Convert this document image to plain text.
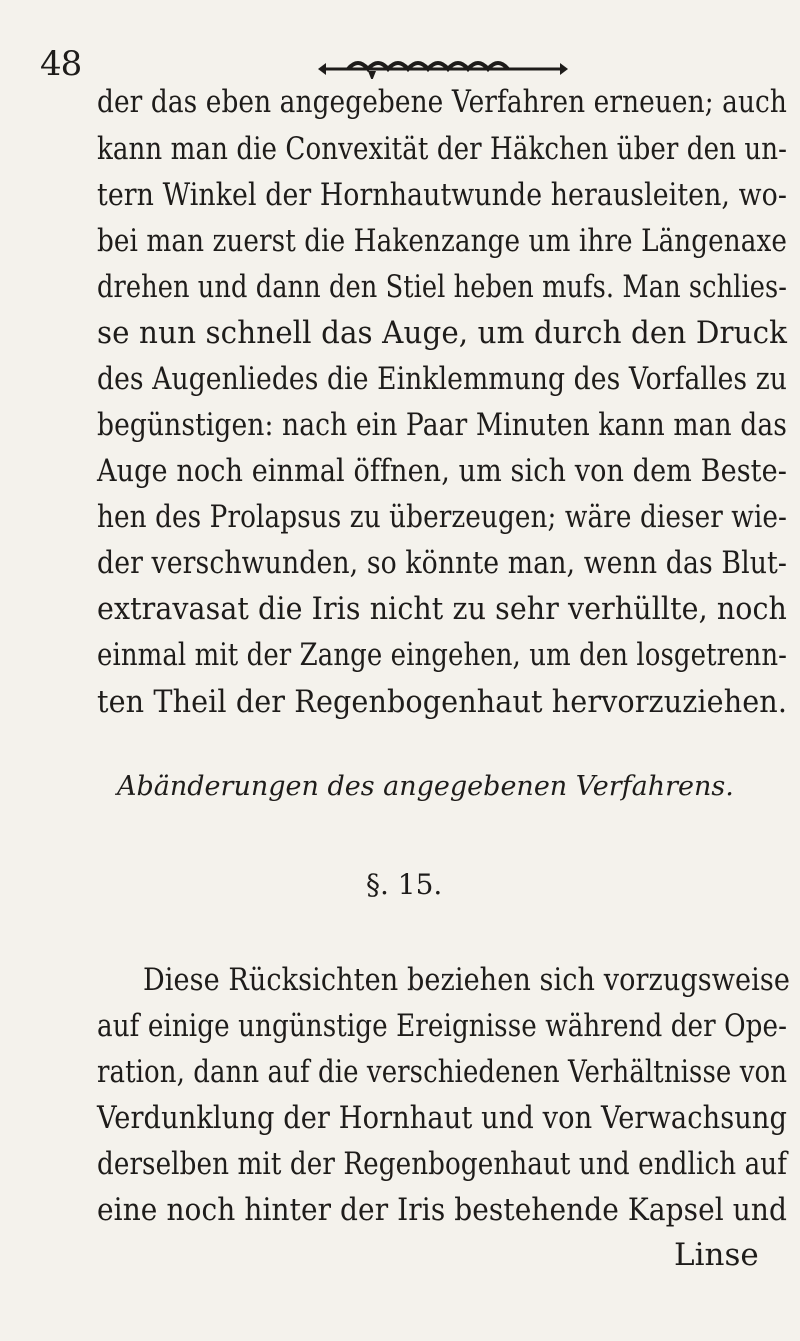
48
der das eben angegebene Verfahren erneuen; auch
kann man die Convexität der Häkchen über den un-
tern Winkel der Hornhautwunde herausleiten, wo-
bei man zuerst die Hakenzange um ihre Längenaxe
drehen und dann den Stiel heben mufs. Man schlies-
se nun schnell das Auge, um durch den Druck
des Augenliedes die Einklemmung des Vorfalles zu
begünstigen: nach ein Paar Minuten kann man das
Auge noch einmal öffnen, um sich von dem Beste-
hen des Prolapsus zu überzeugen; wäre dieser wie-
der verschwunden, so könnte man, wenn das Blut-
extravasat die Iris nicht zu sehr verhüllte, noch
einmal mit der Zange eingehen, um den losgetrenn-
ten Theil der Regenbogenhaut hervorzuziehen.
Abänderungen des angegebenen Verfahrens.
§. 15.
Diese Rücksichten beziehen sich vorzugsweise
auf einige ungünstige Ereignisse während der Ope-
ration, dann auf die verschiedenen Verhältnisse von
Verdunklung der Hornhaut und von Verwachsung
derselben mit der Regenbogenhaut und endlich auf
eine noch hinter der Iris bestehende Kapsel und
Linse
